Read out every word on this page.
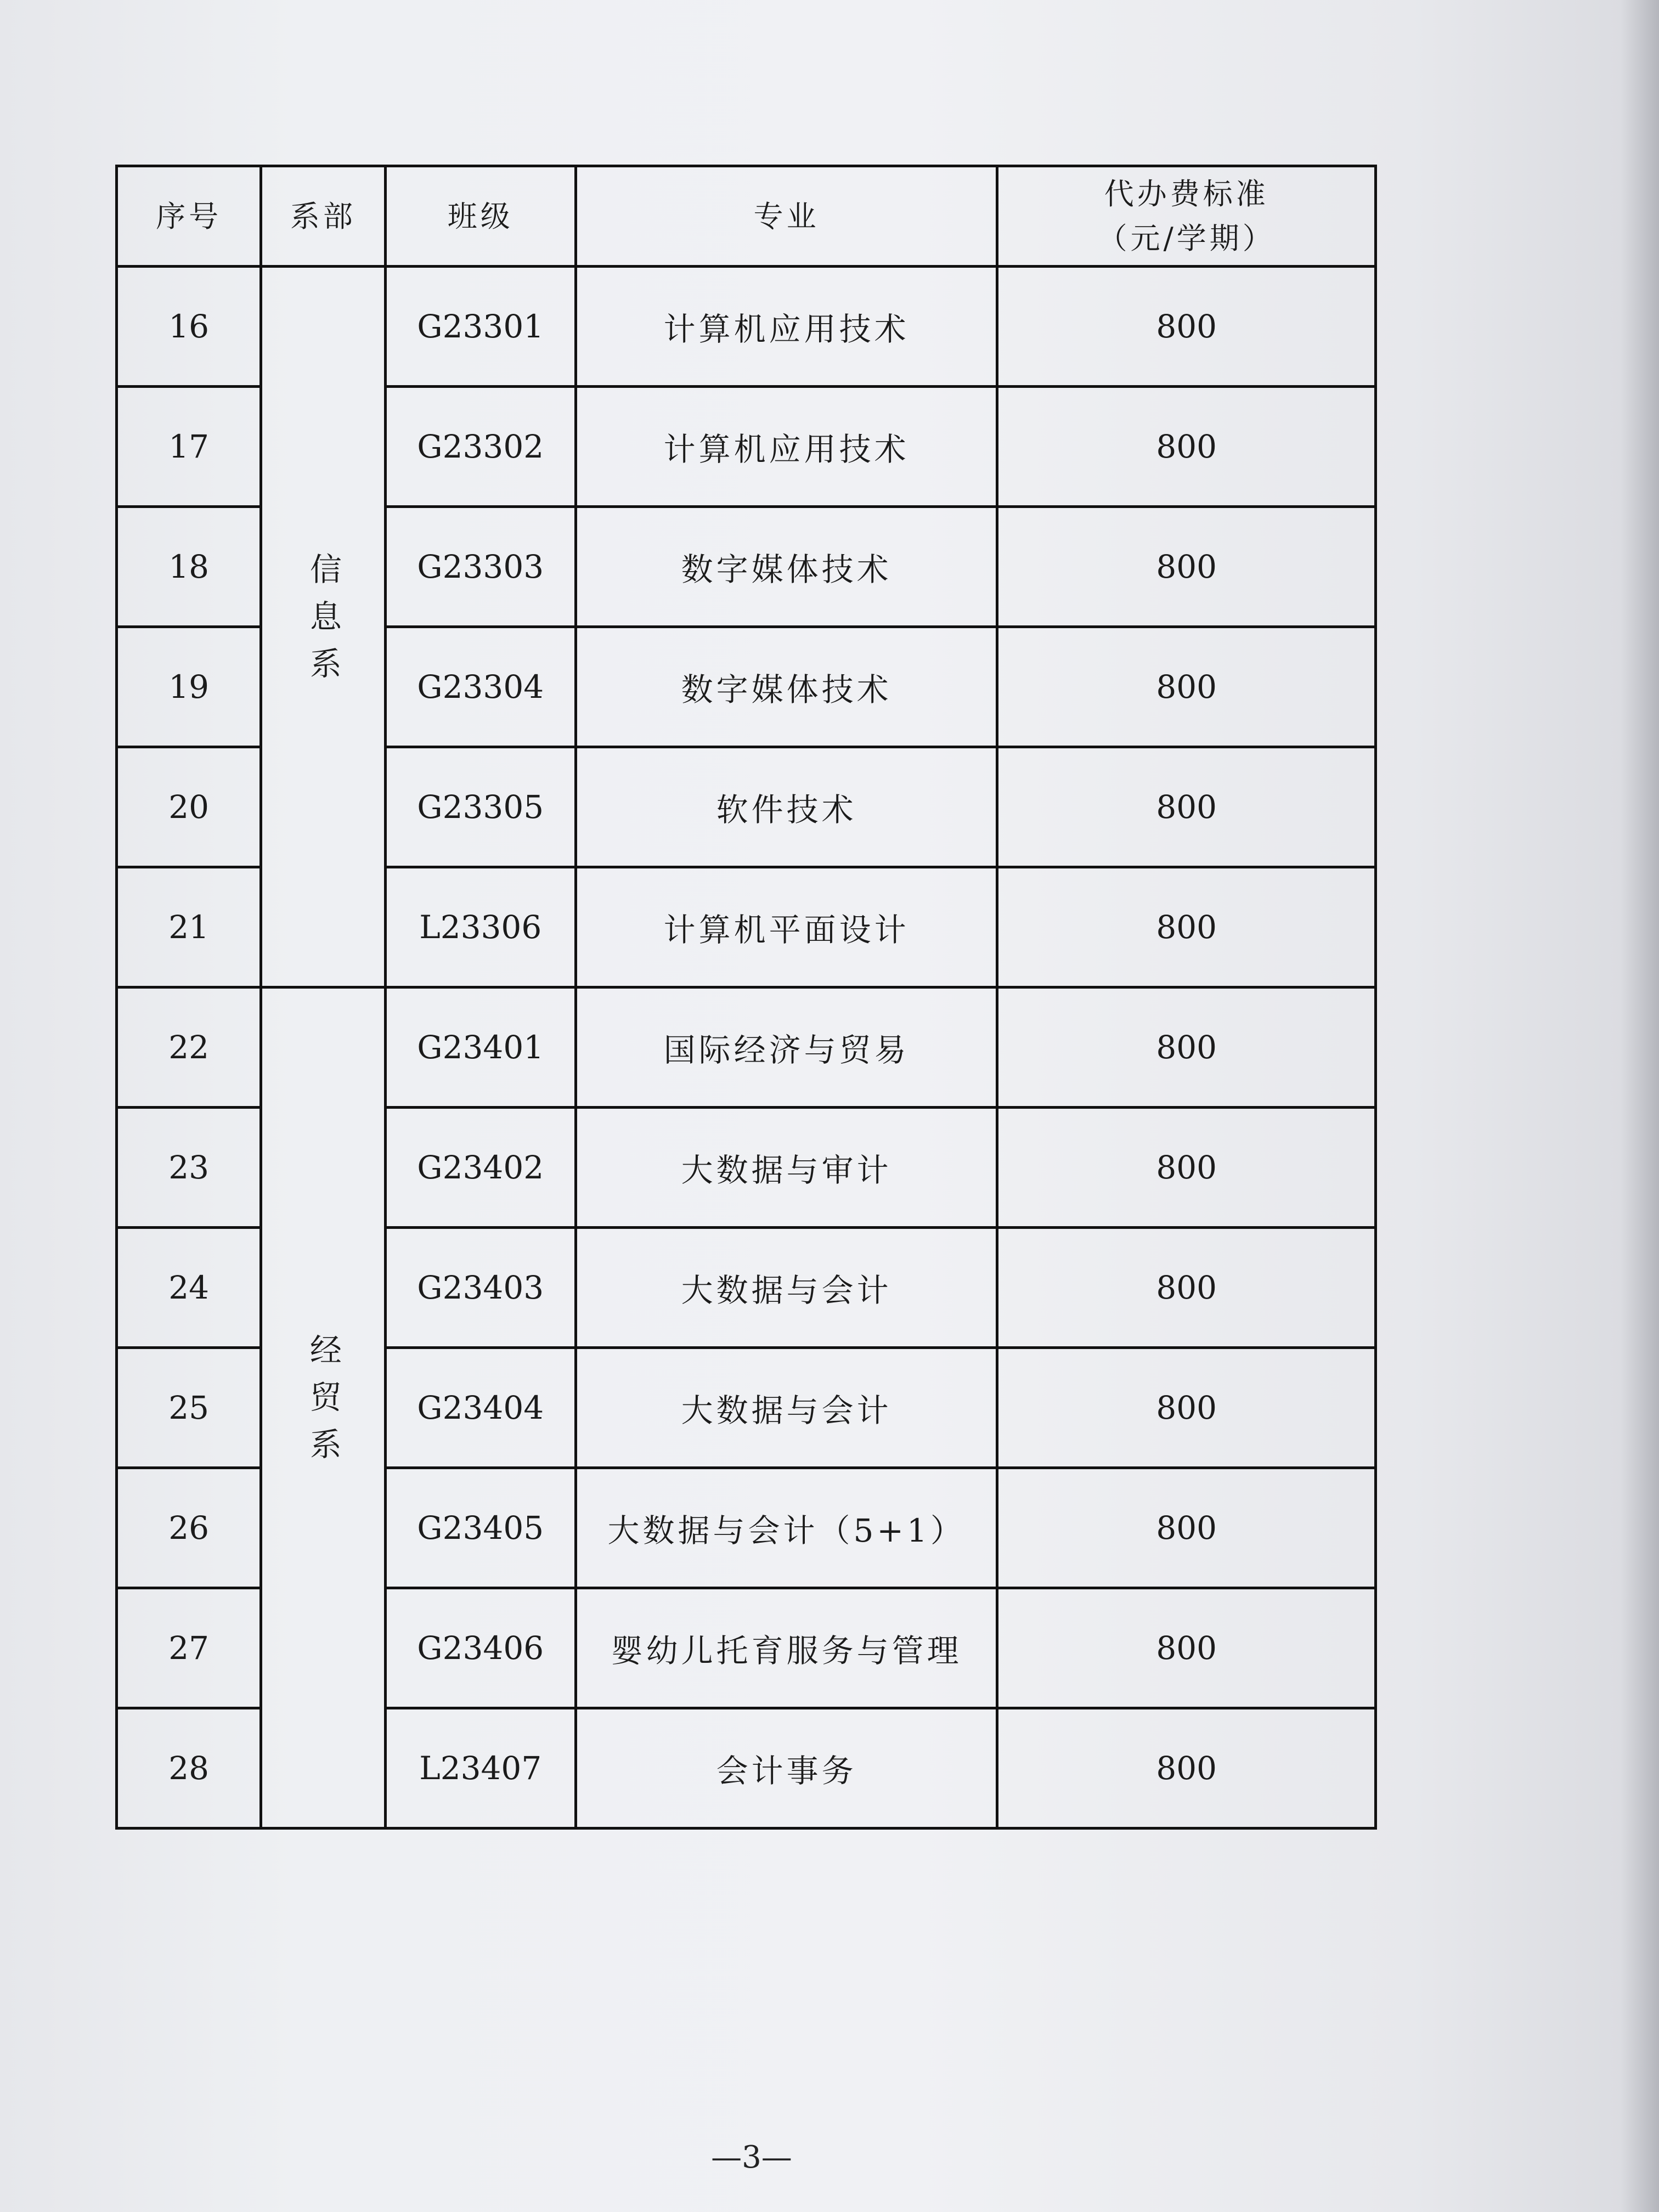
序号	系部	班级	专业	代办费标准
（元/学期）

16	信息系	G23301	计算机应用技术	800
17		G23302	计算机应用技术	800
18		G23303	数字媒体技术	800
19		G23304	数字媒体技术	800
20		G23305	软件技术	800
21		L23306	计算机平面设计	800
22	经贸系	G23401	国际经济与贸易	800
23		G23402	大数据与审计	800
24		G23403	大数据与会计	800
25		G23404	大数据与会计	800
26		G23405	大数据与会计（5+1）	800
27		G23406	婴幼儿托育服务与管理	800
28		L23407	会计事务	800
—3—
